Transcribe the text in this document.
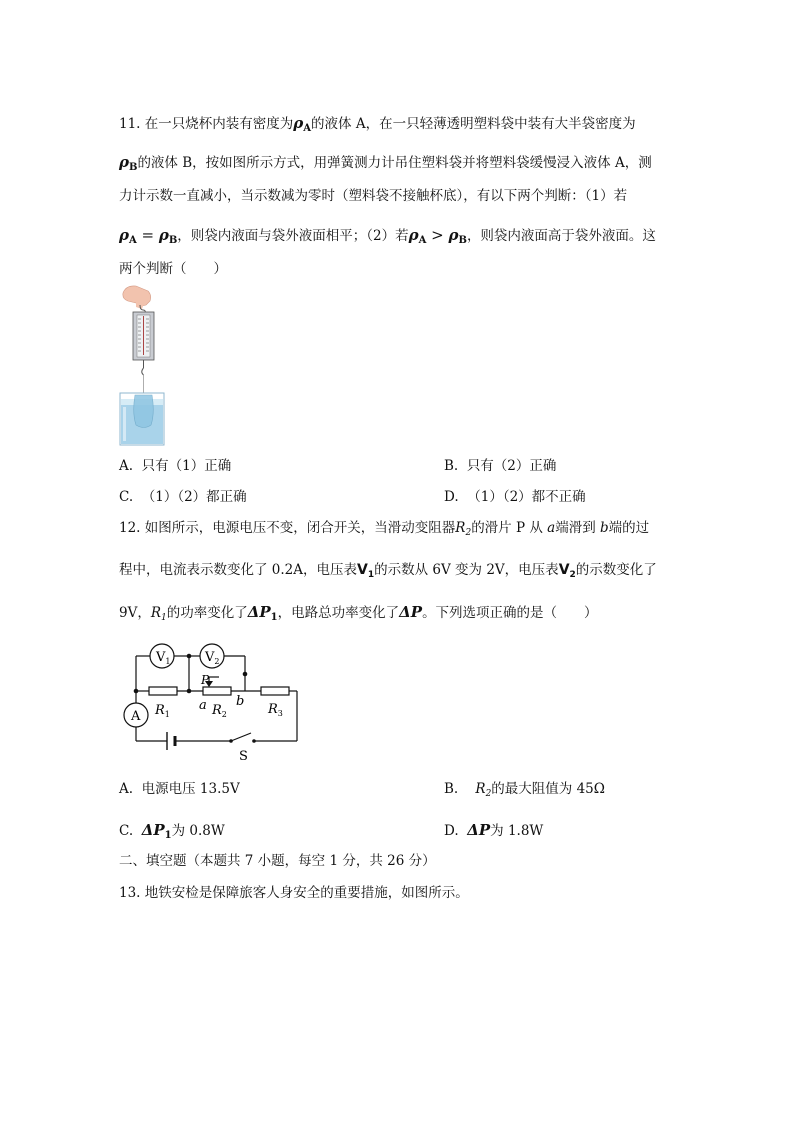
11. 在一只烧杯内装有密度为$\rho_A$的液体 A，在一只轻薄透明塑料袋中装有大半袋密度为
$\rho_B$的液体 B，按如图所示方式，用弹簧测力计吊住塑料袋并将塑料袋缓慢浸入液体 A，测
力计示数一直减小，当示数减为零时（塑料袋不接触杯底），有以下两个判断：（1）若
$\rho_A = \rho_B$，则袋内液面与袋外液面相平；（2）若$\rho_A > \rho_B$，则袋内液面高于袋外液面。这
两个判断（　　）
A. 只有（1）正确	B. 只有（2）正确
C. （1）（2）都正确	D. （1）（2）都不正确
12. 如图所示，电源电压不变，闭合开关，当滑动变阻器$R_2$的滑片 P 从 a端滑到 b端的过
程中，电流表示数变化了 0.2A，电压表$V_1$的示数从 6V 变为 2V，电压表$V_2$的示数变化了
9V，$R_1$的功率变化了$\Delta P_1$，电路总功率变化了ΔP。下列选项正确的是（　　）
$V_1$	$V_2$
A
P
$R_1$	$R_2$	$R_3$
a b
S
A. 电源电压 13.5V	B. $R_2$的最大阻值为 45Ω
C. $\Delta P_1$为 0.8W	D. ΔP为 1.8W
二、填空题（本题共 7 小题，每空 1 分，共 26 分）
13. 地铁安检是保障旅客人身安全的重要措施，如图所示。
